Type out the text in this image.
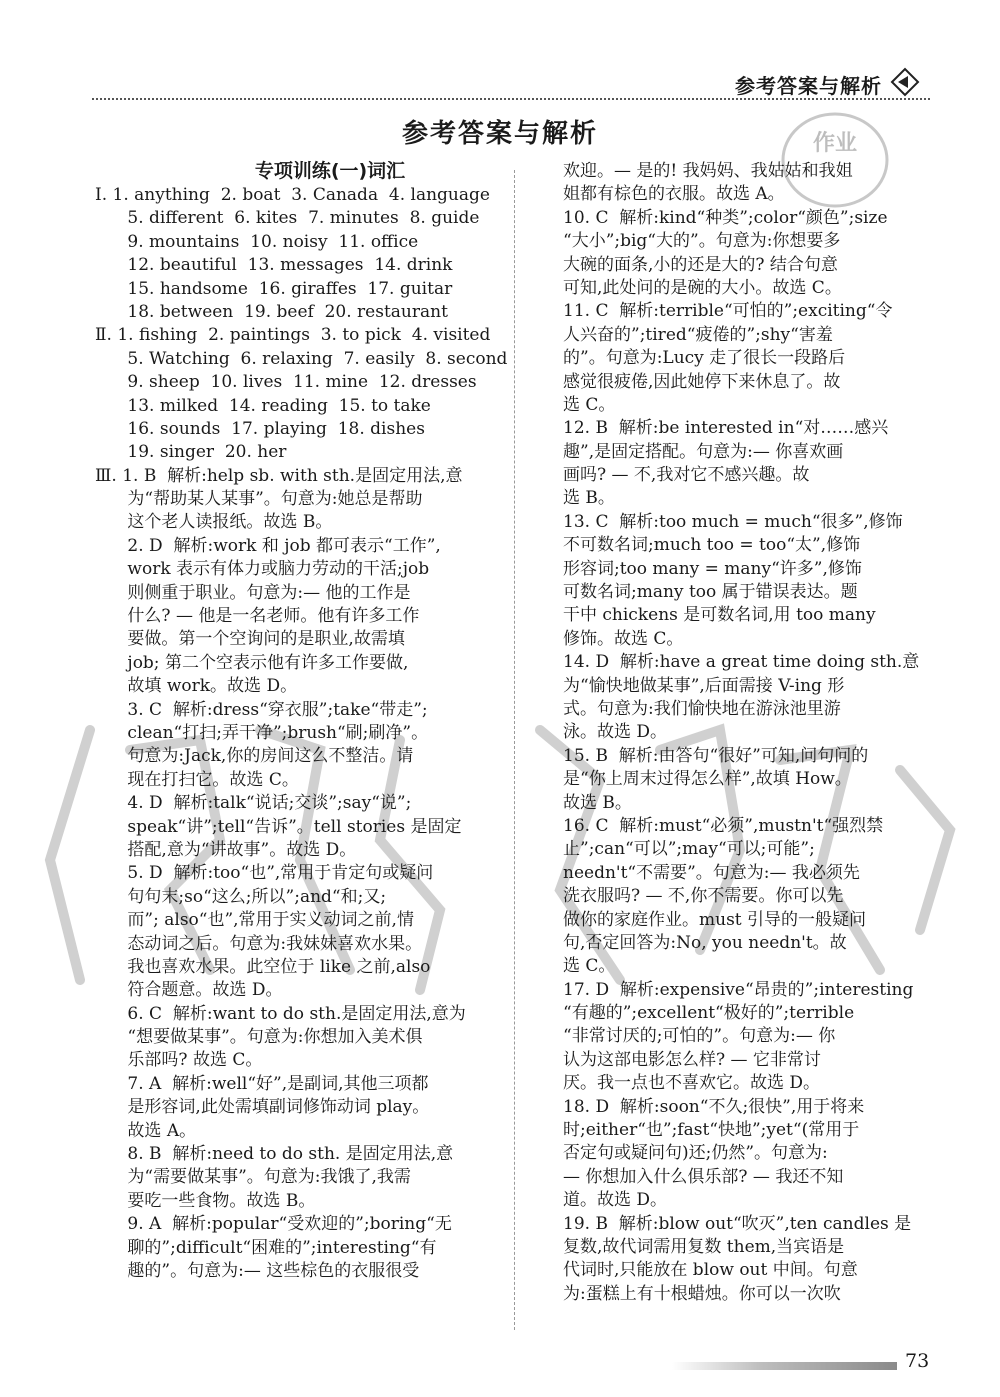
参考答案与解析
参考答案与解析	作业
专项训练(一)词汇
Ⅰ. 1. anything  2. boat  3. Canada  4. language
5. different  6. kites  7. minutes  8. guide
9. mountains  10. noisy  11. office
12. beautiful  13. messages  14. drink
15. handsome  16. giraffes  17. guitar
18. between  19. beef  20. restaurant
Ⅱ. 1. fishing  2. paintings  3. to pick  4. visited
5. Watching  6. relaxing  7. easily  8. second
9. sheep  10. lives  11. mine  12. dresses
13. milked  14. reading  15. to take
16. sounds  17. playing  18. dishes
19. singer  20. her
Ⅲ. 1. B  解析:help sb. with sth.是固定用法,意
为“帮助某人某事”。句意为:她总是帮助
这个老人读报纸。故选 B。
2. D  解析:work 和 job 都可表示“工作”,
work 表示有体力或脑力劳动的干活;job
则侧重于职业。句意为:— 他的工作是
什么? — 他是一名老师。他有许多工作
要做。第一个空询问的是职业,故需填
job; 第二个空表示他有许多工作要做,
故填 work。故选 D。
3. C  解析:dress“穿衣服”;take“带走”;
clean“打扫;弄干净”;brush“刷;刷净”。
句意为:Jack,你的房间这么不整洁。请
现在打扫它。故选 C。
4. D  解析:talk“说话;交谈”;say“说”;
speak“讲”;tell“告诉”。tell stories 是固定
搭配,意为“讲故事”。故选 D。
5. D  解析:too“也”,常用于肯定句或疑问
句句末;so“这么;所以”;and“和;又;
而”; also“也”,常用于实义动词之前,情
态动词之后。句意为:我妹妹喜欢水果。
我也喜欢水果。此空位于 like 之前,also
符合题意。故选 D。
6. C  解析:want to do sth.是固定用法,意为
“想要做某事”。句意为:你想加入美术俱
乐部吗? 故选 C。
7. A  解析:well“好”,是副词,其他三项都
是形容词,此处需填副词修饰动词 play。
故选 A。
8. B  解析:need to do sth. 是固定用法,意
为“需要做某事”。句意为:我饿了,我需
要吃一些食物。故选 B。
9. A  解析:popular“受欢迎的”;boring“无
聊的”;difficult“困难的”;interesting“有
趣的”。句意为:— 这些棕色的衣服很受
欢迎。— 是的! 我妈妈、我姑姑和我姐
姐都有棕色的衣服。故选 A。
10. C  解析:kind“种类”;color“颜色”;size
“大小”;big“大的”。句意为:你想要多
大碗的面条,小的还是大的? 结合句意
可知,此处问的是碗的大小。故选 C。
11. C  解析:terrible“可怕的”;exciting“令
人兴奋的”;tired“疲倦的”;shy“害羞
的”。句意为:Lucy 走了很长一段路后
感觉很疲倦,因此她停下来休息了。故
选 C。
12. B  解析:be interested in“对……感兴
趣”,是固定搭配。句意为:— 你喜欢画
画吗? — 不,我对它不感兴趣。故
选 B。
13. C  解析:too much = much“很多”,修饰
不可数名词;much too = too“太”,修饰
形容词;too many = many“许多”,修饰
可数名词;many too 属于错误表达。题
干中 chickens 是可数名词,用 too many
修饰。故选 C。
14. D  解析:have a great time doing sth.意
为“愉快地做某事”,后面需接 V-ing 形
式。句意为:我们愉快地在游泳池里游
泳。故选 D。
15. B  解析:由答句“很好”可知,问句问的
是“你上周末过得怎么样”,故填 How。
故选 B。
16. C  解析:must“必须”,mustn't“强烈禁
止”;can“可以”;may“可以;可能”;
needn't“不需要”。句意为:— 我必须先
洗衣服吗? — 不,你不需要。你可以先
做你的家庭作业。must 引导的一般疑问
句,否定回答为:No, you needn't。故
选 C。
17. D  解析:expensive“昂贵的”;interesting
“有趣的”;excellent“极好的”;terrible
“非常讨厌的;可怕的”。句意为:— 你
认为这部电影怎么样? — 它非常讨
厌。我一点也不喜欢它。故选 D。
18. D  解析:soon“不久;很快”,用于将来
时;either“也”;fast“快地”;yet“(常用于
否定句或疑问句)还;仍然”。句意为:
— 你想加入什么俱乐部? — 我还不知
道。故选 D。
19. B  解析:blow out“吹灭”,ten candles 是
复数,故代词需用复数 them,当宾语是
代词时,只能放在 blow out 中间。句意
为:蛋糕上有十根蜡烛。你可以一次吹
73
